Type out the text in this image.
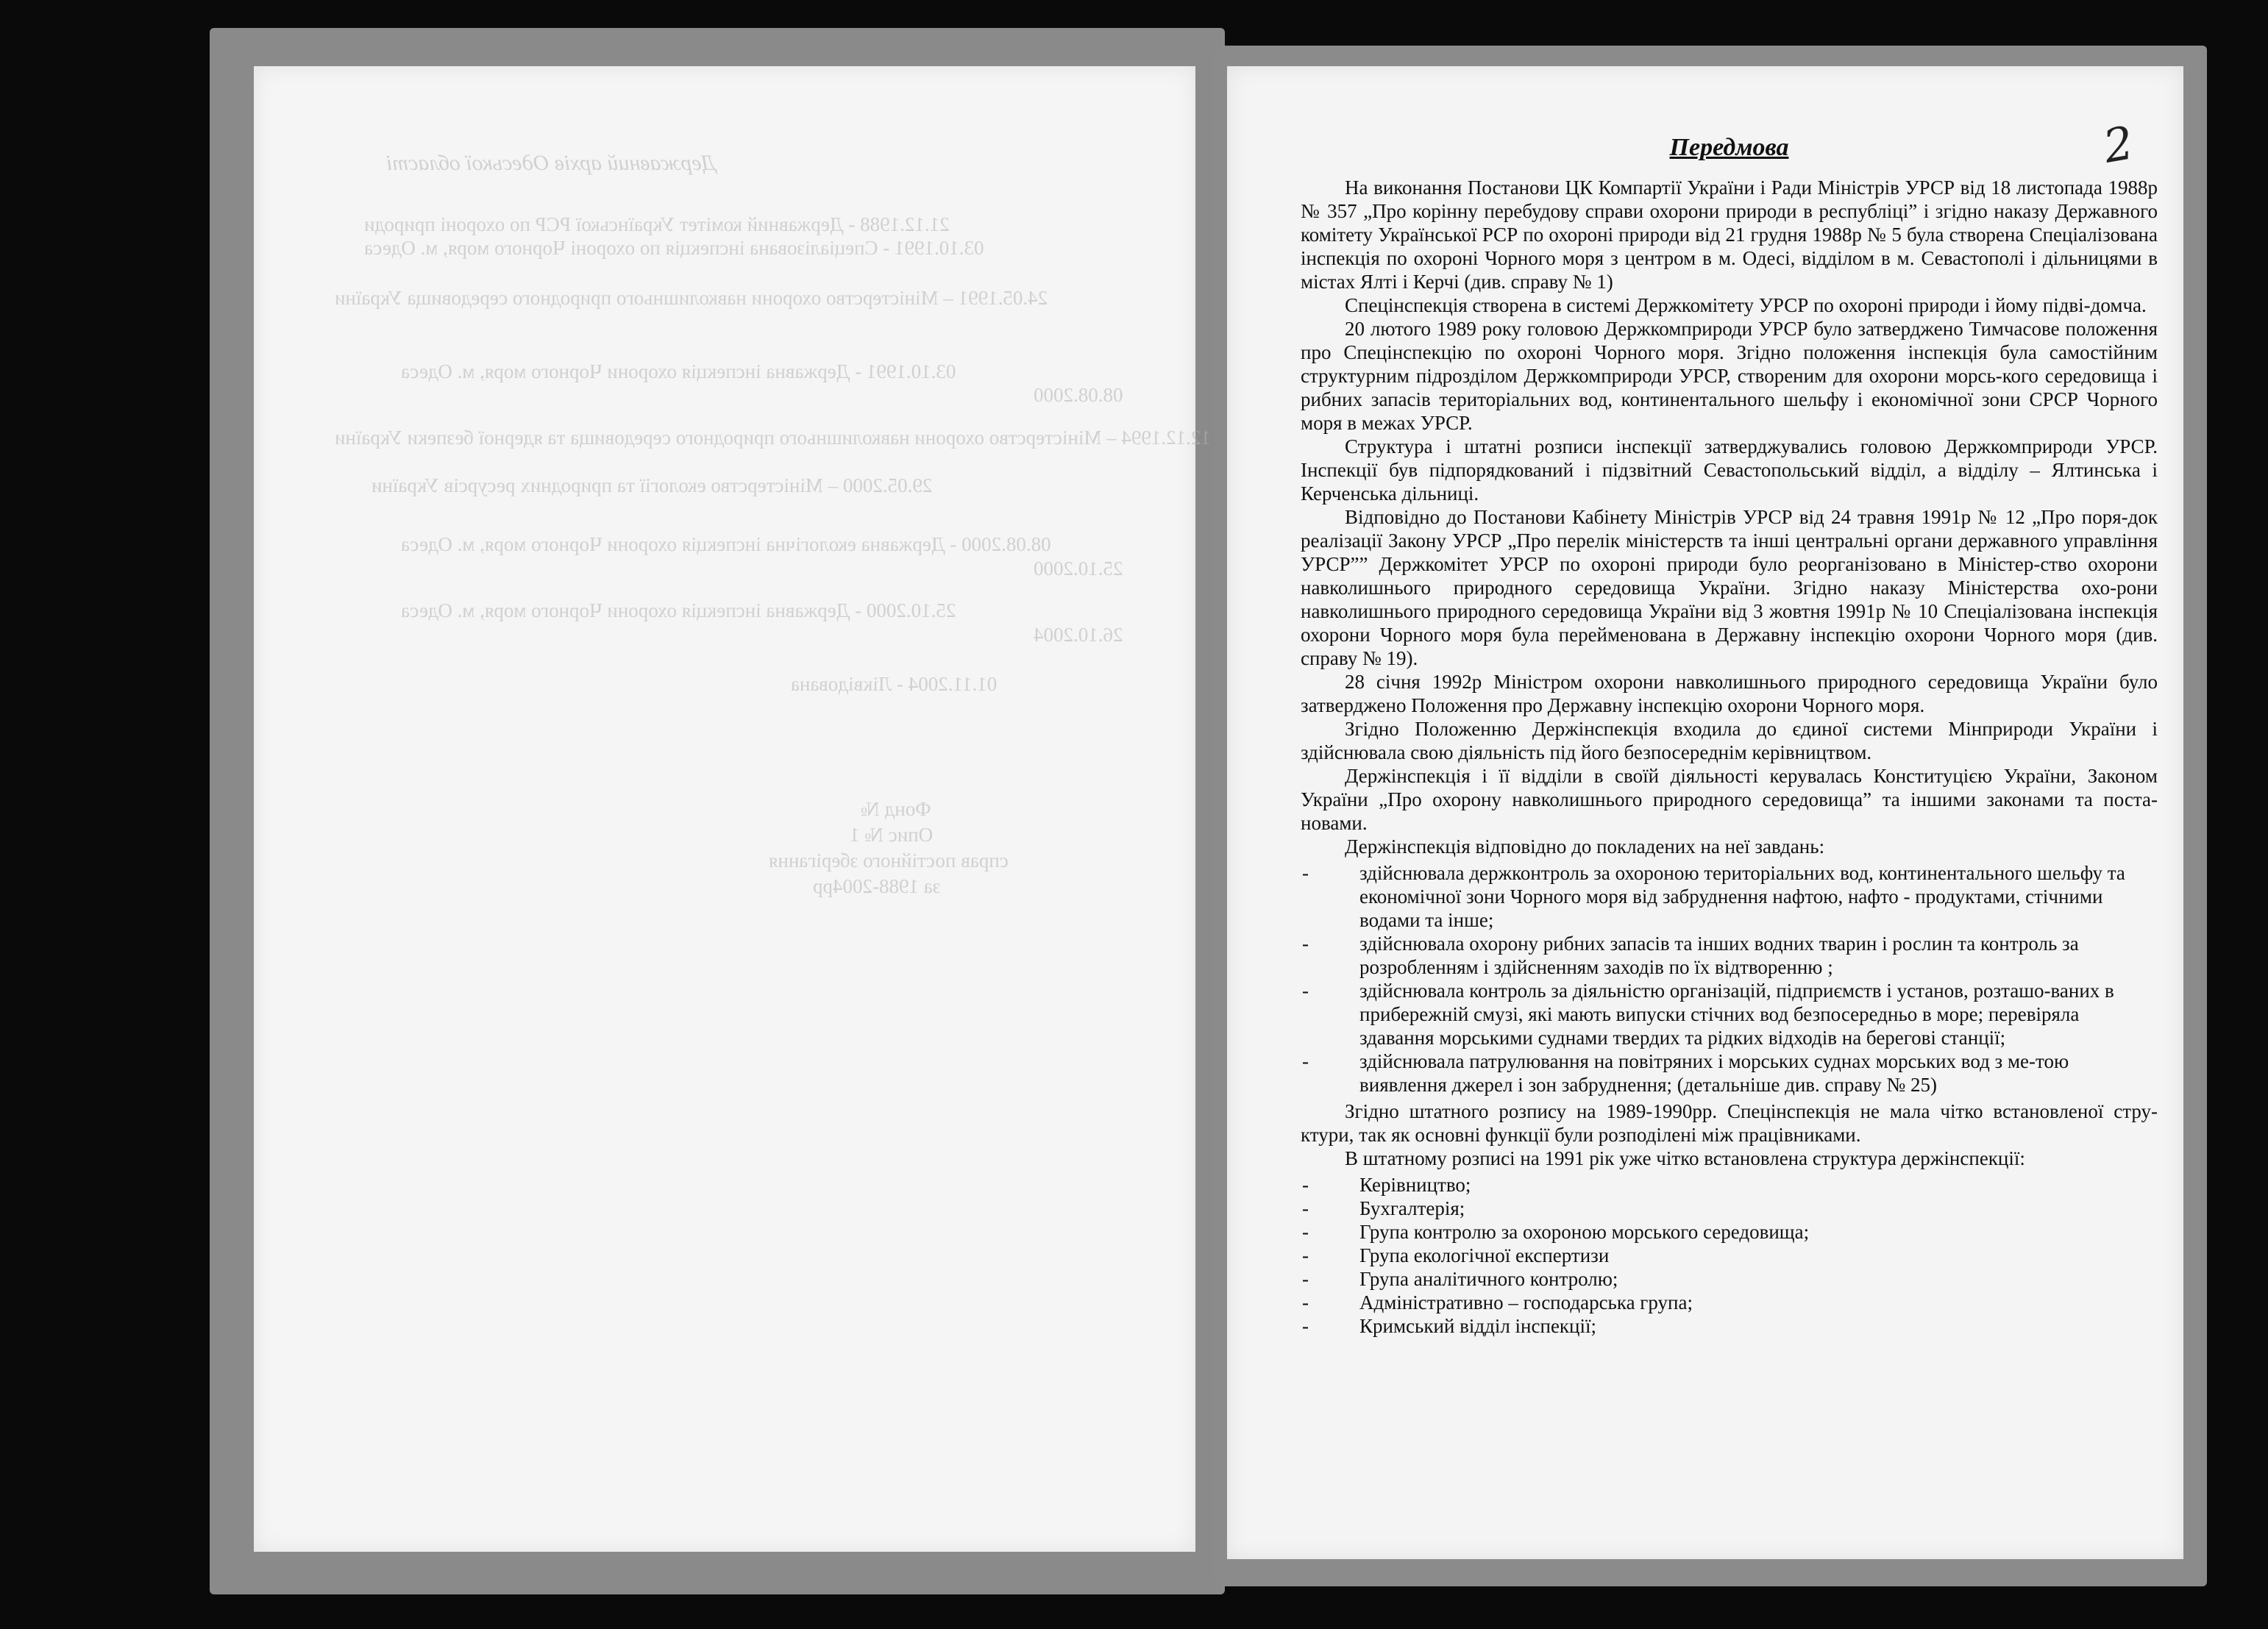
Державний архів Одеської області
21.12.1988 - Державний комітет Української РСР по охороні природи
03.10.1991 - Спеціалізована інспекція по охороні Чорного моря, м. Одеса
24.05.1991 – Міністерство охорони навколишнього природного середовища України
03.10.1991 - Державна інспекція охорони Чорного моря, м. Одеса
08.08.2000
12.12.1994 – Міністерство охорони навколишнього природного середовища та ядерної безпеки України
29.05.2000 – Міністерство екології та природних ресурсів України
08.08.2000 - Державна екологічна інспекція охорони Чорного моря, м. Одеса
25.10.2000
25.10.2000 - Державна інспекція охорони Чорного моря, м. Одеса
26.10.2004
01.11.2004 - Ліквідована
Фонд №
Опис № 1
справ постійного зберігання
за 1988-2004рр
2
Передмова

На виконання Постанови ЦК Компартії України і Ради Міністрів УРСР від 18 листопада 1988р № 357 „Про корінну перебудову справи охорони природи в республіці” і згідно наказу Державного комітету Української РСР по охороні природи від 21 грудня 1988р № 5 була створена Спеціалізована інспекція по охороні Чорного моря з центром в м. Одесі, відділом в м. Севастополі і дільницями в містах Ялті і Керчі (див. справу № 1)

Спецінспекція створена в системі Держкомітету УРСР по охороні природи і йому підві-домча.

20 лютого 1989 року головою Держкомприроди УРСР було затверджено Тимчасове положення про Спецінспекцію по охороні Чорного моря. Згідно положення інспекція була самостійним структурним підрозділом Держкомприроди УРСР, створеним для охорони морсь-кого середовища і рибних запасів територіальних вод, континентального шельфу і економічної зони СРСР Чорного моря в межах УРСР.

Структура і штатні розписи інспекції затверджувались головою Держкомприроди УРСР. Інспекції був підпорядкований і підзвітний Севастопольський відділ, а відділу – Ялтинська і Керченська дільниці.

Відповідно до Постанови Кабінету Міністрів УРСР від 24 травня 1991р № 12 „Про поря-док реалізації Закону УРСР „Про перелік міністерств та інші центральні органи державного управління УРСР”” Держкомітет УРСР по охороні природи було реорганізовано в Міністер-ство охорони навколишнього природного середовища України. Згідно наказу Міністерства охо-рони навколишнього природного середовища України від 3 жовтня 1991р № 10 Спеціалізована інспекція охорони Чорного моря була перейменована в Державну інспекцію охорони Чорного моря (див. справу № 19).

28 січня 1992р Міністром охорони навколишнього природного середовища України було затверджено Положення про Державну інспекцію охорони Чорного моря.

Згідно Положенню Держінспекція входила до єдиної системи Мінприроди України і здійснювала свою діяльність під його безпосереднім керівництвом.

Держінспекція і її відділи в своїй діяльності керувалась Конституцією України, Законом України „Про охорону навколишнього природного середовища” та іншими законами та поста-новами.

Держінспекція відповідно до покладених на неї завдань:

- здійснювала держконтроль за охороною територіальних вод, континентального шельфу та економічної зони Чорного моря від забруднення нафтою, нафто - продуктами, стічними водами та інше;
- здійснювала охорону рибних запасів та інших водних тварин і рослин та контроль за розробленням і здійсненням заходів по їх відтворенню ;
- здійснювала контроль за діяльністю організацій, підприємств і установ, розташо-ваних в прибережній смузі, які мають випуски стічних вод безпосередньо в море; перевіряла здавання морськими суднами твердих та рідких відходів на берегові станції;
- здійснювала патрулювання на повітряних і морських суднах морських вод з ме-тою виявлення джерел і зон забруднення; (детальніше див. справу № 25)

Згідно штатного розпису на 1989-1990рр. Спецінспекція не мала чітко встановленої стру-ктури, так як основні функції були розподілені між працівниками.

В штатному розписі на 1991 рік уже чітко встановлена структура держінспекції:

- Керівництво;
- Бухгалтерія;
- Група контролю за охороною морського середовища;
- Група екологічної експертизи
- Група аналітичного контролю;
- Адміністративно – господарська група;
- Кримський відділ інспекції;
